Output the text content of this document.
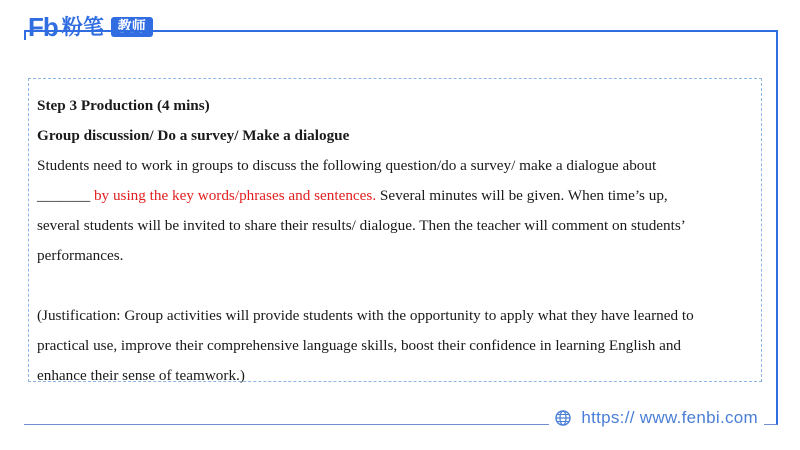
Fb 粉笔	教师

Step 3 Production (4 mins)

Group discussion/ Do a survey/ Make a dialogue

Students need to work in groups to discuss the following question/do a survey/ make a dialogue about

_______ by using the key words/phrases and sentences. Several minutes will be given. When time’s up,

several students will be invited to share their results/ dialogue. Then the teacher will comment on students’

performances.

(Justification: Group activities will provide students with the opportunity to apply what they have learned to

practical use, improve their comprehensive language skills, boost their confidence in learning English and

enhance their sense of teamwork.)

https:// www.fenbi.com
